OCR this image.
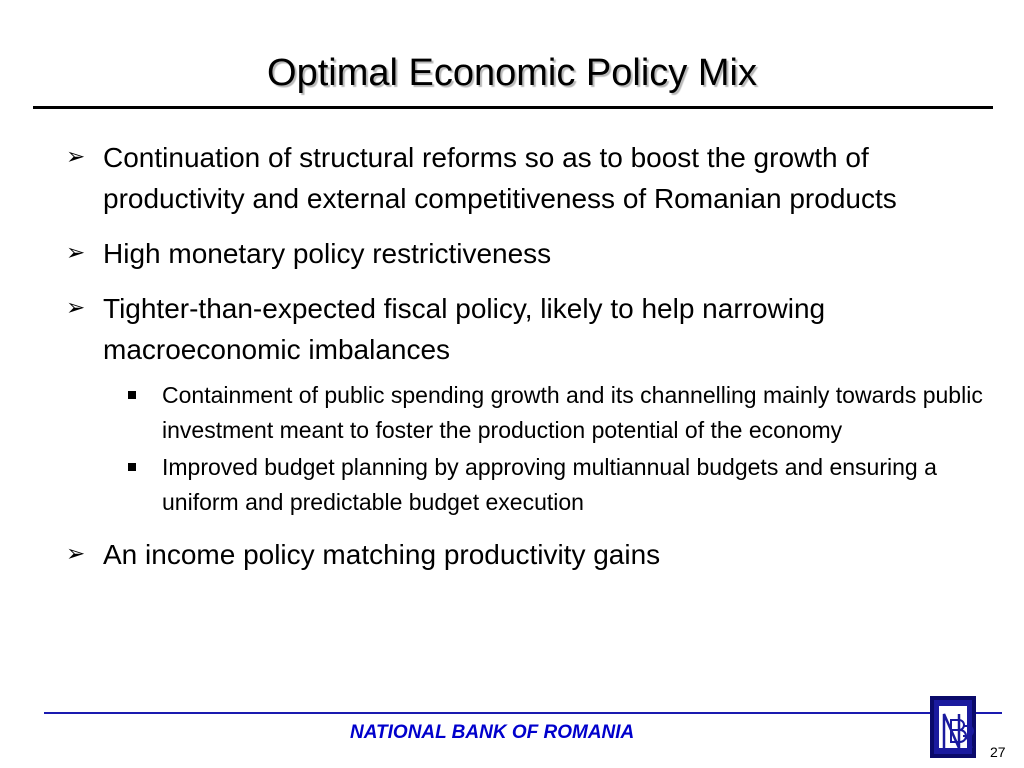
Optimal Economic Policy Mix
➢ Continuation of structural reforms so as to boost the growth of productivity and external competitiveness of Romanian products
➢ High monetary policy restrictiveness
➢ Tighter-than-expected fiscal policy, likely to help narrowing macroeconomic imbalances
Containment of public spending growth and its channelling mainly towards public investment meant to foster the production potential of the economy
Improved budget planning by approving multiannual budgets and ensuring a uniform and predictable budget execution
➢ An income policy matching productivity gains
NATIONAL BANK OF ROMANIA
27
